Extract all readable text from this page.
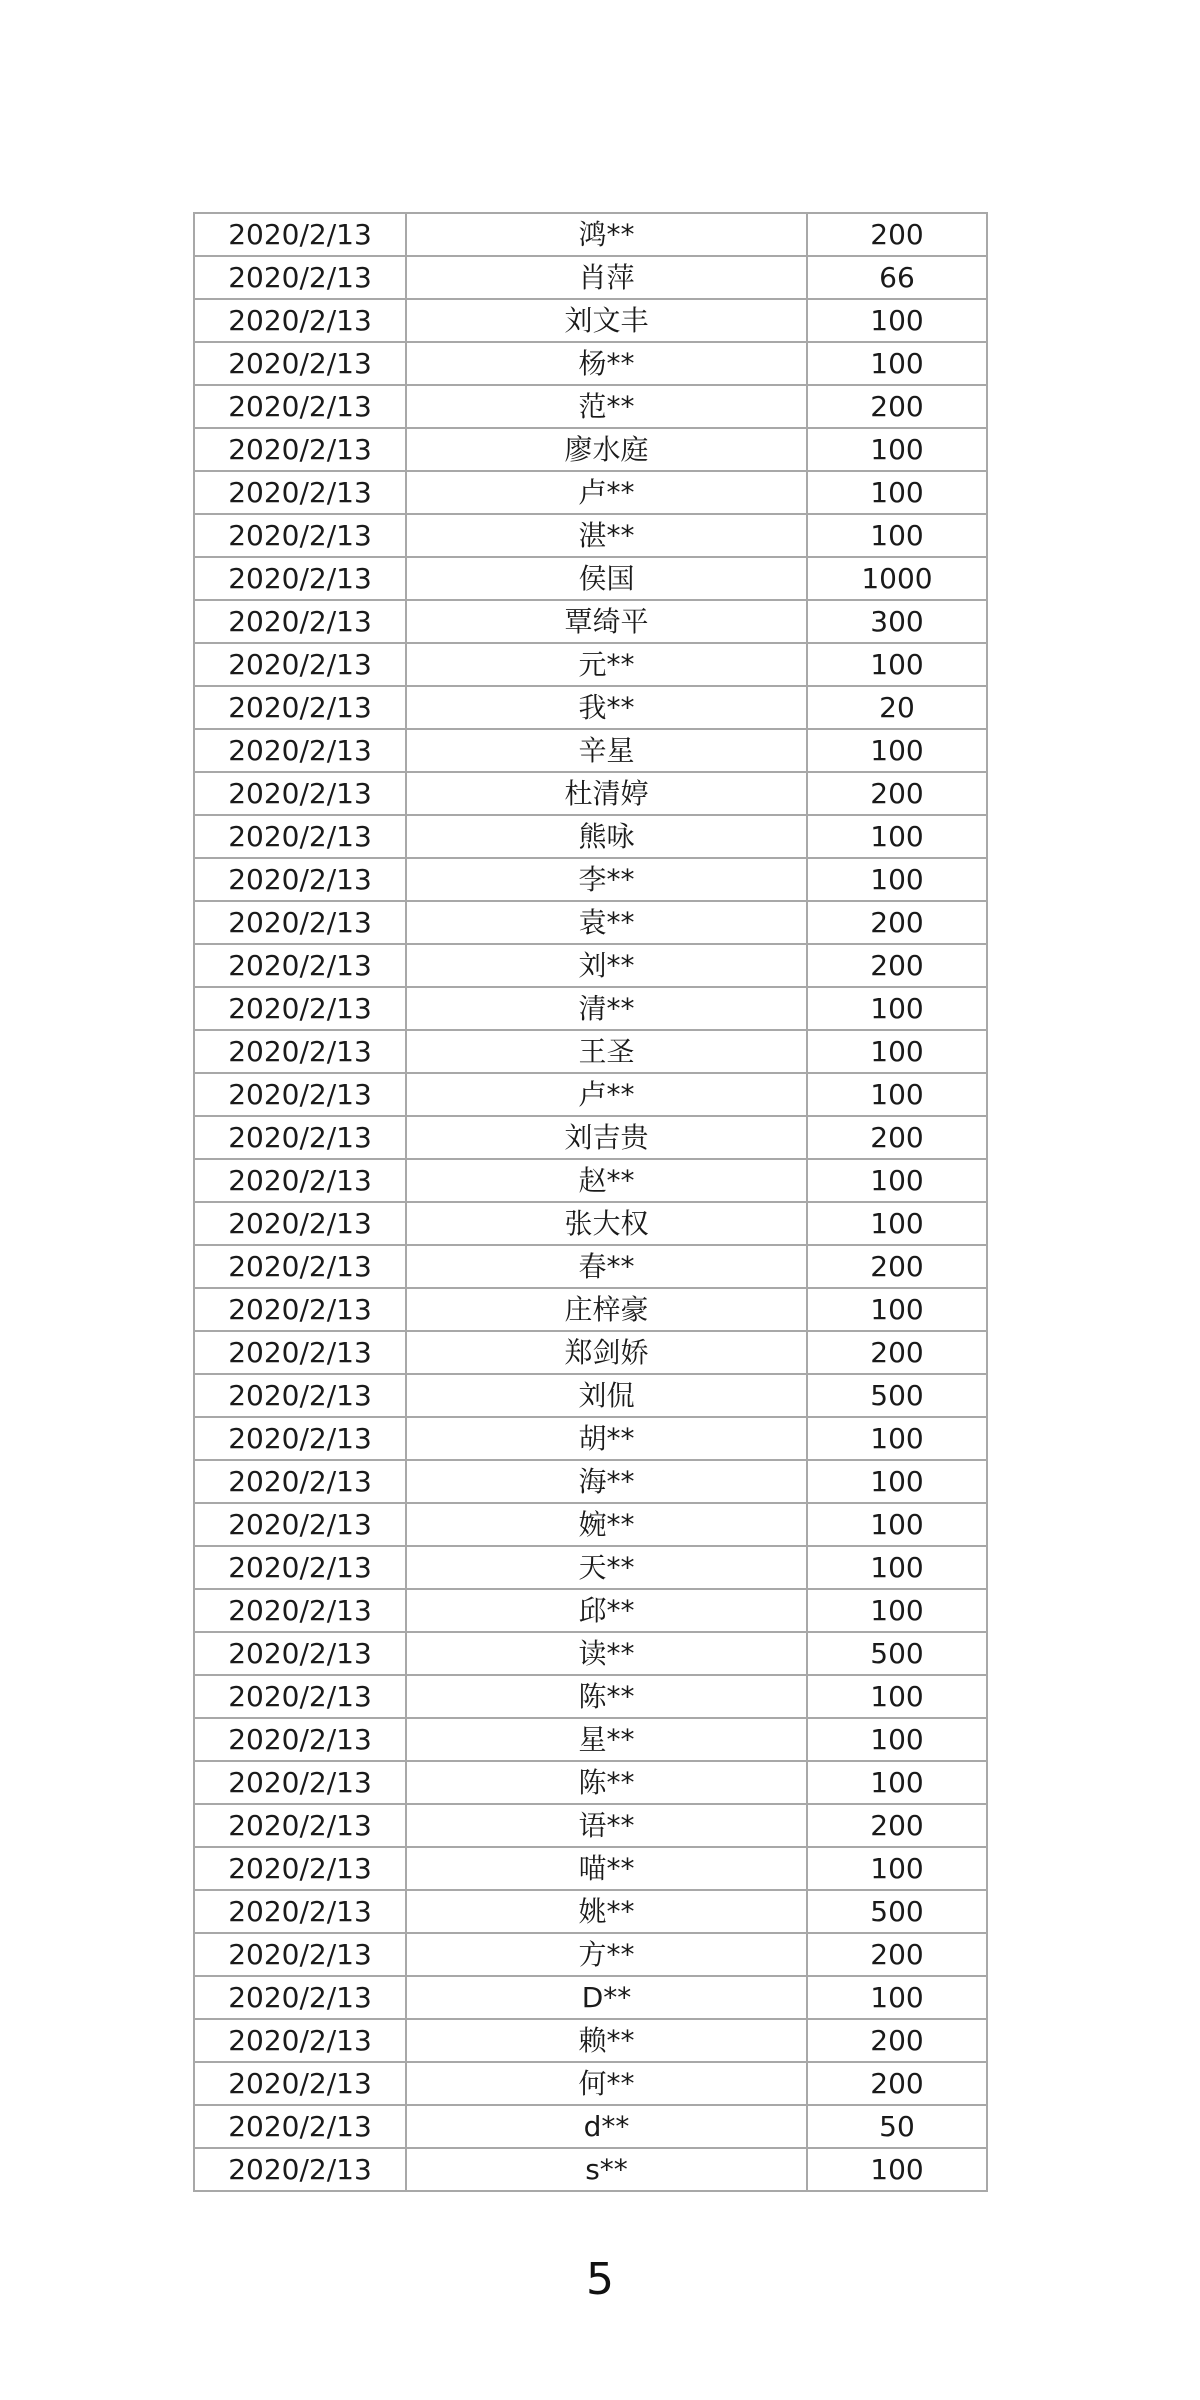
2020/2/13	鸿**	200
2020/2/13	肖萍	66
2020/2/13	刘文丰	100
2020/2/13	杨**	100
2020/2/13	范**	200
2020/2/13	廖水庭	100
2020/2/13	卢**	100
2020/2/13	湛**	100
2020/2/13	侯国	1000
2020/2/13	覃绮平	300
2020/2/13	元**	100
2020/2/13	我**	20
2020/2/13	辛星	100
2020/2/13	杜清婷	200
2020/2/13	熊咏	100
2020/2/13	李**	100
2020/2/13	袁**	200
2020/2/13	刘**	200
2020/2/13	清**	100
2020/2/13	王圣	100
2020/2/13	卢**	100
2020/2/13	刘吉贵	200
2020/2/13	赵**	100
2020/2/13	张大权	100
2020/2/13	春**	200
2020/2/13	庄梓豪	100
2020/2/13	郑剑娇	200
2020/2/13	刘侃	500
2020/2/13	胡**	100
2020/2/13	海**	100
2020/2/13	婉**	100
2020/2/13	天**	100
2020/2/13	邱**	100
2020/2/13	读**	500
2020/2/13	陈**	100
2020/2/13	星**	100
2020/2/13	陈**	100
2020/2/13	语**	200
2020/2/13	喵**	100
2020/2/13	姚**	500
2020/2/13	方**	200
2020/2/13	D**	100
2020/2/13	赖**	200
2020/2/13	何**	200
2020/2/13	d**	50
2020/2/13	s**	100
5
